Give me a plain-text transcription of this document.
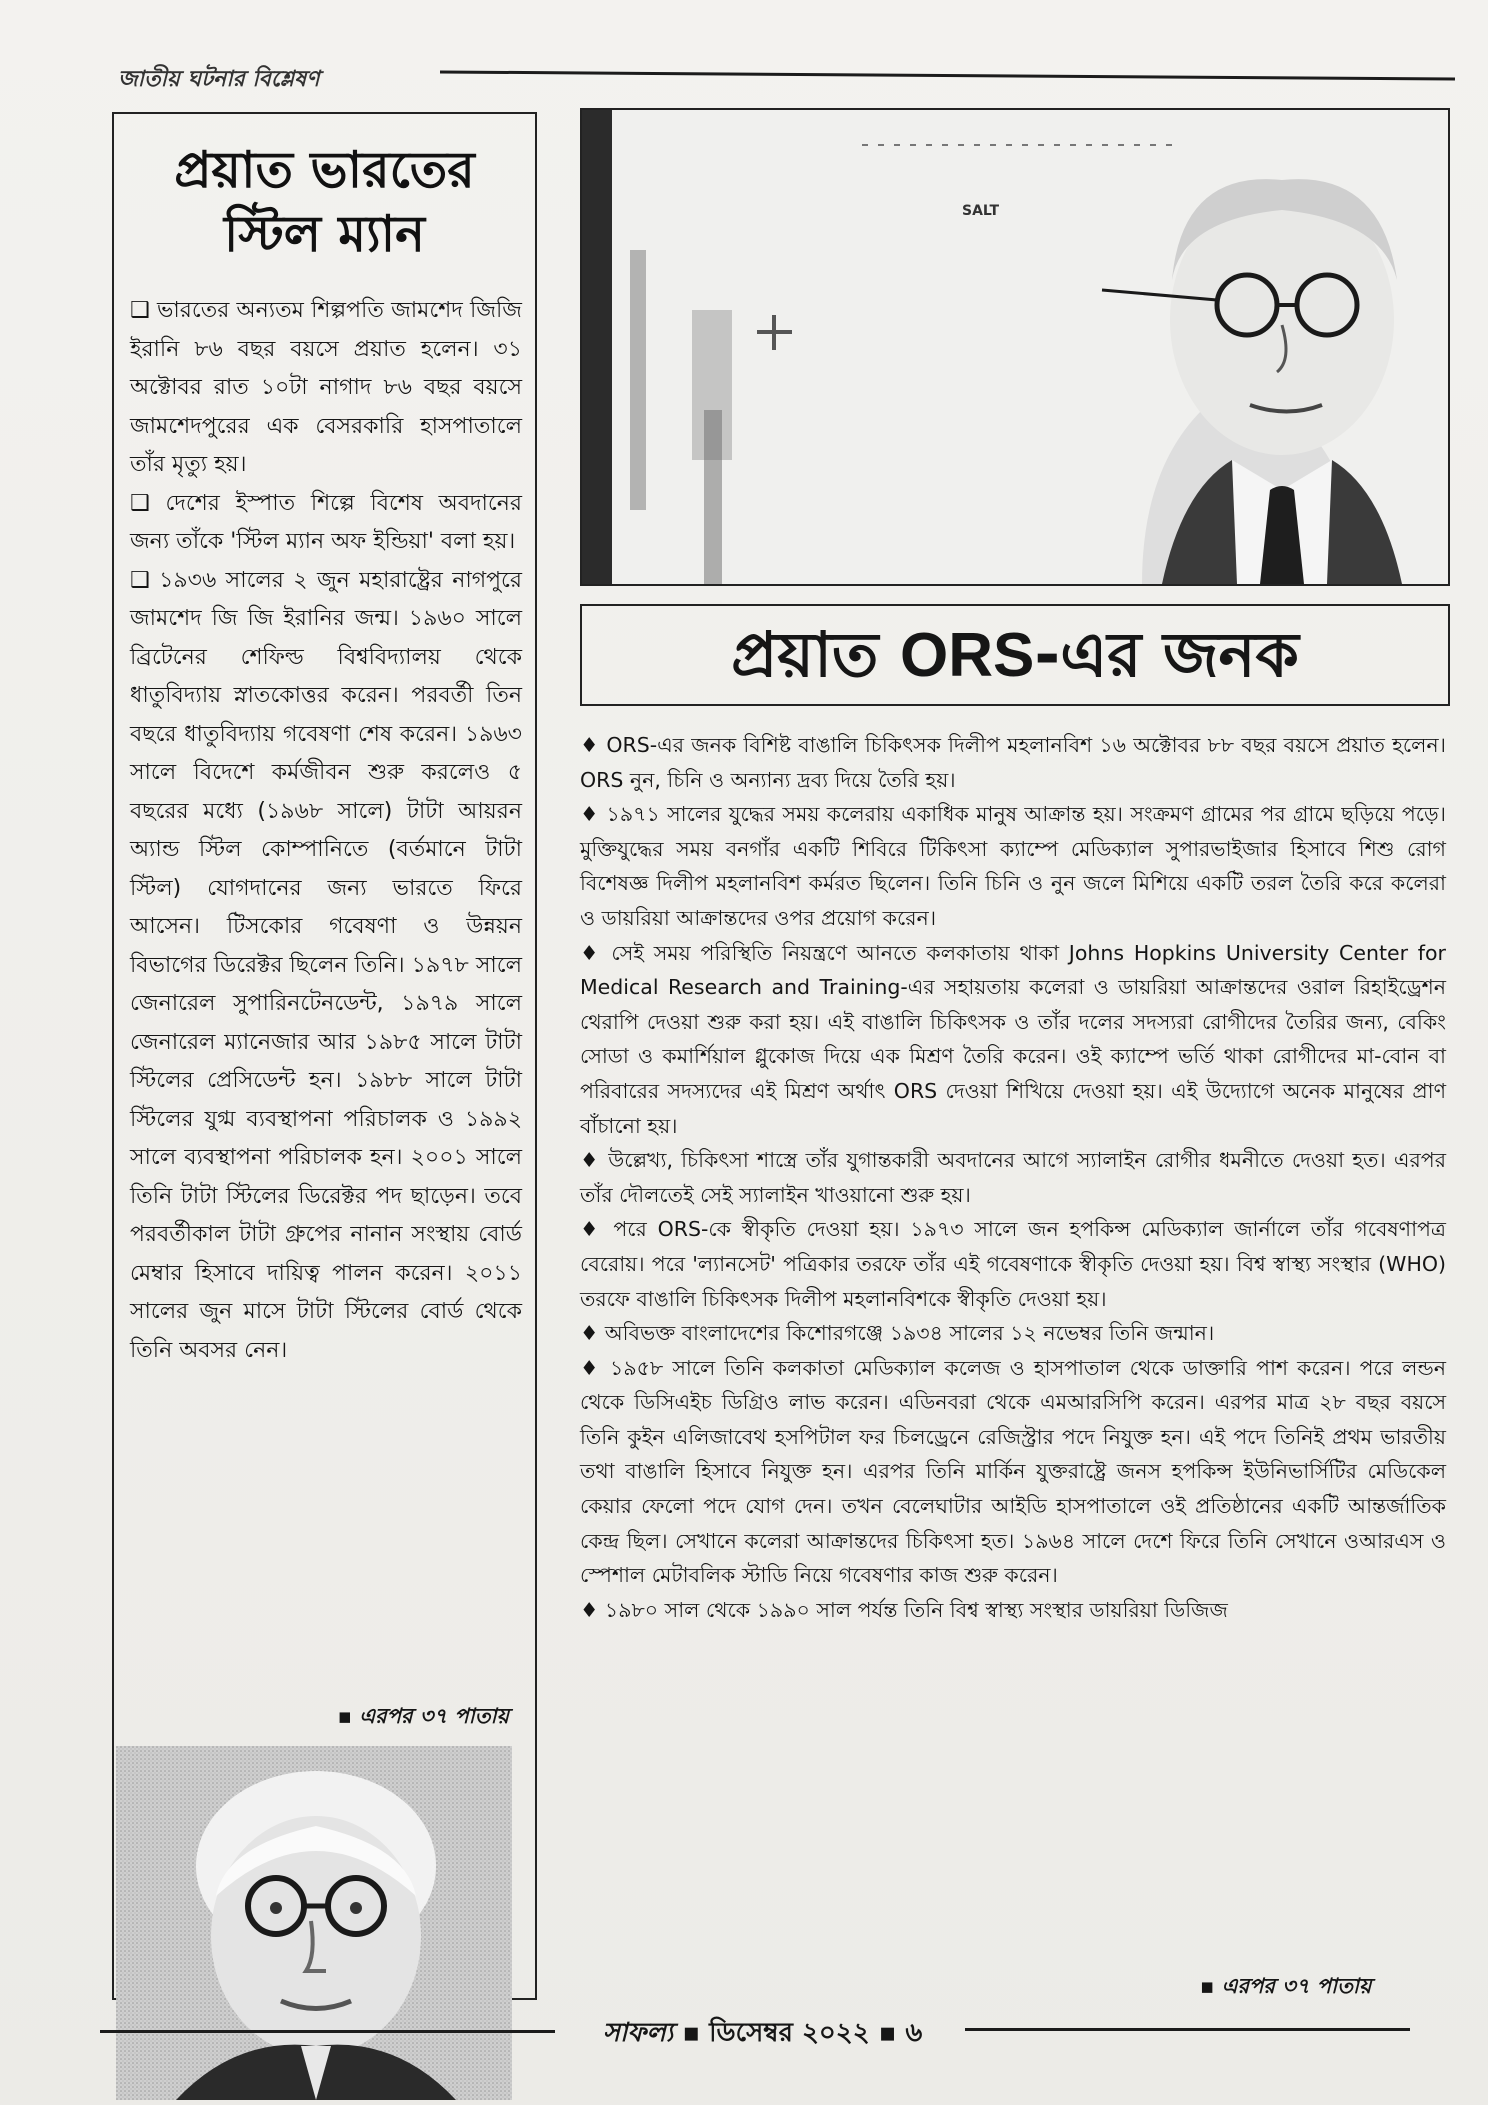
জাতীয় ঘটনার বিশ্লেষণ
প্রয়াত ভারতের
স্টিল ম্যান

❑ ভারতের অন্যতম শিল্পপতি জামশেদ জিজি ইরানি ৮৬ বছর বয়সে প্রয়াত হলেন। ৩১ অক্টোবর রাত ১০টা নাগাদ ৮৬ বছর বয়সে জামশেদপুরের এক বেসরকারি হাসপাতালে তাঁর মৃত্যু হয়।

❑ দেশের ইস্পাত শিল্পে বিশেষ অবদানের জন্য তাঁকে 'স্টিল ম্যান অফ ইন্ডিয়া' বলা হয়।

❑ ১৯৩৬ সালের ২ জুন মহারাষ্ট্রের নাগপুরে জামশেদ জি জি ইরানির জন্ম। ১৯৬০ সালে ব্রিটেনের শেফিল্ড বিশ্ববিদ্যালয় থেকে ধাতুবিদ্যায় স্নাতকোত্তর করেন। পরবর্তী তিন বছরে ধাতুবিদ্যায় গবেষণা শেষ করেন। ১৯৬৩ সালে বিদেশে কর্মজীবন শুরু করলেও ৫ বছরের মধ্যে (১৯৬৮ সালে) টাটা আয়রন অ্যান্ড স্টিল কোম্পানিতে (বর্তমানে টাটা স্টিল) যোগদানের জন্য ভারতে ফিরে আসেন। টিসকোর গবেষণা ও উন্নয়ন বিভাগের ডিরেক্টর ছিলেন তিনি। ১৯৭৮ সালে জেনারেল সুপারিনটেনডেন্ট, ১৯৭৯ সালে জেনারেল ম্যানেজার আর ১৯৮৫ সালে টাটা স্টিলের প্রেসিডেন্ট হন। ১৯৮৮ সালে টাটা স্টিলের যুগ্ম ব্যবস্থাপনা পরিচালক ও ১৯৯২ সালে ব্যবস্থাপনা পরিচালক হন। ২০০১ সালে তিনি টাটা স্টিলের ডিরেক্টর পদ ছাড়েন। তবে পরবর্তীকাল টাটা গ্রুপের নানান সংস্থায় বোর্ড মেম্বার হিসাবে দায়িত্ব পালন করেন। ২০১১ সালের জুন মাসে টাটা স্টিলের বোর্ড থেকে তিনি অবসর নেন।

▪ এরপর ৩৭ পাতায়
SALT
প্রয়াত ORS-এর জনক

♦ ORS-এর জনক বিশিষ্ট বাঙালি চিকিৎসক দিলীপ মহলানবিশ ১৬ অক্টোবর ৮৮ বছর বয়সে প্রয়াত হলেন। ORS নুন, চিনি ও অন্যান্য দ্রব্য দিয়ে তৈরি হয়।

♦ ১৯৭১ সালের যুদ্ধের সময় কলেরায় একাধিক মানুষ আক্রান্ত হয়। সংক্রমণ গ্রামের পর গ্রামে ছড়িয়ে পড়ে। মুক্তিযুদ্ধের সময় বনগাঁর একটি শিবিরে টিকিৎসা ক্যাম্পে মেডিক্যাল সুপারভাইজার হিসাবে শিশু রোগ বিশেষজ্ঞ দিলীপ মহলানবিশ কর্মরত ছিলেন। তিনি চিনি ও নুন জলে মিশিয়ে একটি তরল তৈরি করে কলেরা ও ডায়রিয়া আক্রান্তদের ওপর প্রয়োগ করেন।

♦ সেই সময় পরিস্থিতি নিয়ন্ত্রণে আনতে কলকাতায় থাকা Johns Hopkins University Center for Medical Research and Training-এর সহায়তায় কলেরা ও ডায়রিয়া আক্রান্তদের ওরাল রিহাইড্রেশন থেরাপি দেওয়া শুরু করা হয়। এই বাঙালি চিকিৎসক ও তাঁর দলের সদস্যরা রোগীদের তৈরির জন্য, বেকিং সোডা ও কমার্শিয়াল গ্লুকোজ দিয়ে এক মিশ্রণ তৈরি করেন। ওই ক্যাম্পে ভর্তি থাকা রোগীদের মা-বোন বা পরিবারের সদস্যদের এই মিশ্রণ অর্থাৎ ORS দেওয়া শিখিয়ে দেওয়া হয়। এই উদ্যোগে অনেক মানুষের প্রাণ বাঁচানো হয়।

♦ উল্লেখ্য, চিকিৎসা শাস্ত্রে তাঁর যুগান্তকারী অবদানের আগে স্যালাইন রোগীর ধমনীতে দেওয়া হত। এরপর তাঁর দৌলতেই সেই স্যালাইন খাওয়ানো শুরু হয়।

♦ পরে ORS-কে স্বীকৃতি দেওয়া হয়। ১৯৭৩ সালে জন হপকিন্স মেডিক্যাল জার্নালে তাঁর গবেষণাপত্র বেরোয়। পরে 'ল্যানসেট' পত্রিকার তরফে তাঁর এই গবেষণাকে স্বীকৃতি দেওয়া হয়। বিশ্ব স্বাস্থ্য সংস্থার (WHO) তরফে বাঙালি চিকিৎসক দিলীপ মহলানবিশকে স্বীকৃতি দেওয়া হয়।

♦ অবিভক্ত বাংলাদেশের কিশোরগঞ্জে ১৯৩৪ সালের ১২ নভেম্বর তিনি জন্মান।

♦ ১৯৫৮ সালে তিনি কলকাতা মেডিক্যাল কলেজ ও হাসপাতাল থেকে ডাক্তারি পাশ করেন। পরে লন্ডন থেকে ডিসিএইচ ডিগ্রিও লাভ করেন। এডিনবরা থেকে এমআরসিপি করেন। এরপর মাত্র ২৮ বছর বয়সে তিনি কুইন এলিজাবেথ হসপিটাল ফর চিলড্রেনে রেজিস্ট্রার পদে নিযুক্ত হন। এই পদে তিনিই প্রথম ভারতীয় তথা বাঙালি হিসাবে নিযুক্ত হন। এরপর তিনি মার্কিন যুক্তরাষ্ট্রে জনস হপকিন্স ইউনিভার্সিটির মেডিকেল কেয়ার ফেলো পদে যোগ দেন। তখন বেলেঘাটার আইডি হাসপাতালে ওই প্রতিষ্ঠানের একটি আন্তর্জাতিক কেন্দ্র ছিল। সেখানে কলেরা আক্রান্তদের চিকিৎসা হত। ১৯৬৪ সালে দেশে ফিরে তিনি সেখানে ওআরএস ও স্পেশাল মেটাবলিক স্টাডি নিয়ে গবেষণার কাজ শুরু করেন।

♦ ১৯৮০ সাল থেকে ১৯৯০ সাল পর্যন্ত তিনি বিশ্ব স্বাস্থ্য সংস্থার ডায়রিয়া ডিজিজ

▪ এরপর ৩৭ পাতায়
সাফল্য ▪ ডিসেম্বর ২০২২ ▪ ৬
